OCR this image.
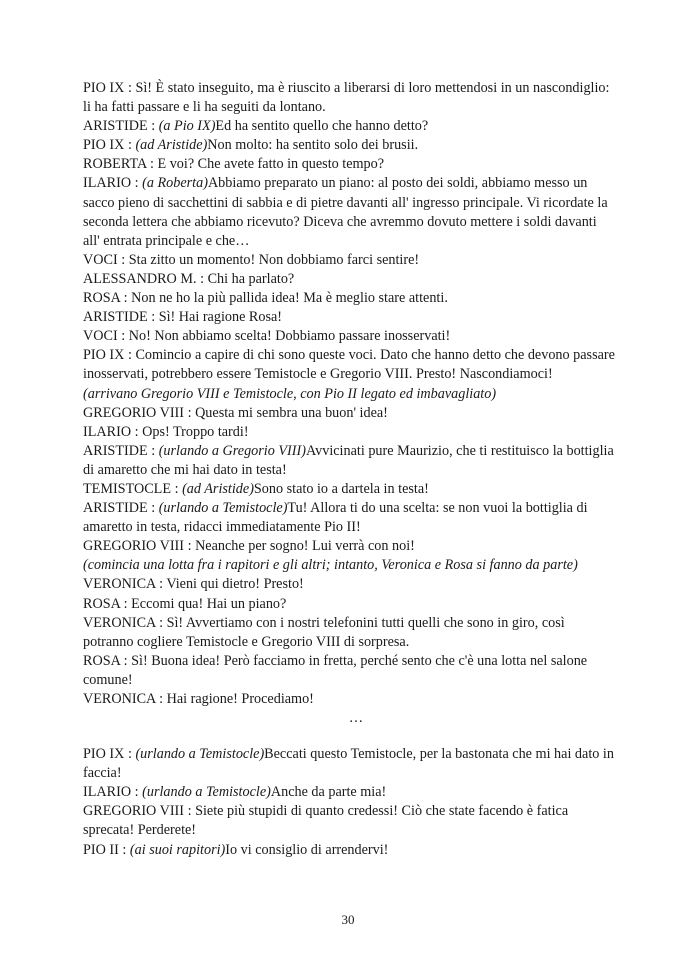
PIO IX : Sì! È stato inseguito, ma è riuscito a liberarsi di loro mettendosi in un nascondiglio: li ha fatti passare e li ha seguiti da lontano.

ARISTIDE : (a Pio IX)Ed ha sentito quello che hanno detto?

PIO IX : (ad Aristide)Non molto: ha sentito solo dei brusii.

ROBERTA : E voi? Che avete fatto in questo tempo?

ILARIO : (a Roberta)Abbiamo preparato un piano: al posto dei soldi, abbiamo messo un sacco pieno di sacchettini di sabbia e di pietre davanti all' ingresso principale. Vi ricordate la seconda lettera che abbiamo ricevuto? Diceva che avremmo dovuto mettere i soldi davanti all' entrata principale e che…

VOCI : Sta zitto un momento! Non dobbiamo farci sentire!

ALESSANDRO M. : Chi ha parlato?

ROSA : Non ne ho la più pallida idea! Ma è meglio stare attenti.

ARISTIDE : Sì! Hai ragione Rosa!

VOCI : No! Non abbiamo scelta! Dobbiamo passare inosservati!

PIO IX : Comincio a capire di chi sono queste voci. Dato che hanno detto che devono passare inosservati, potrebbero essere Temistocle e Gregorio VIII. Presto! Nascondiamoci!

(arrivano Gregorio VIII e Temistocle, con Pio II legato ed imbavagliato)

GREGORIO VIII : Questa mi sembra una buon' idea!

ILARIO : Ops! Troppo tardi!

ARISTIDE : (urlando a Gregorio VIII)Avvicinati pure Maurizio, che ti restituisco la bottiglia di amaretto che mi hai dato in testa!

TEMISTOCLE : (ad Aristide)Sono stato io a dartela in testa!

ARISTIDE : (urlando a Temistocle)Tu! Allora ti do una scelta: se non vuoi la bottiglia di amaretto in testa, ridacci immediatamente Pio II!

GREGORIO VIII : Neanche per sogno! Lui verrà con noi!

(comincia una lotta fra i rapitori e gli altri; intanto, Veronica e Rosa si fanno da parte)

VERONICA : Vieni qui dietro! Presto!

ROSA : Eccomi qua! Hai un piano?

VERONICA : Sì! Avvertiamo con i nostri telefonini tutti quelli che sono in giro, così potranno cogliere Temistocle e Gregorio VIII di sorpresa.

ROSA : Sì! Buona idea! Però facciamo in fretta, perché sento che c'è una lotta nel salone comune!

VERONICA : Hai ragione! Procediamo!

…

PIO IX : (urlando a Temistocle)Beccati questo Temistocle, per la bastonata che mi hai dato in faccia!

ILARIO : (urlando a Temistocle)Anche da parte mia!

GREGORIO VIII : Siete più stupidi di quanto credessi! Ciò che state facendo è fatica sprecata! Perderete!

PIO II : (ai suoi rapitori)Io vi consiglio di arrendervi!

30
